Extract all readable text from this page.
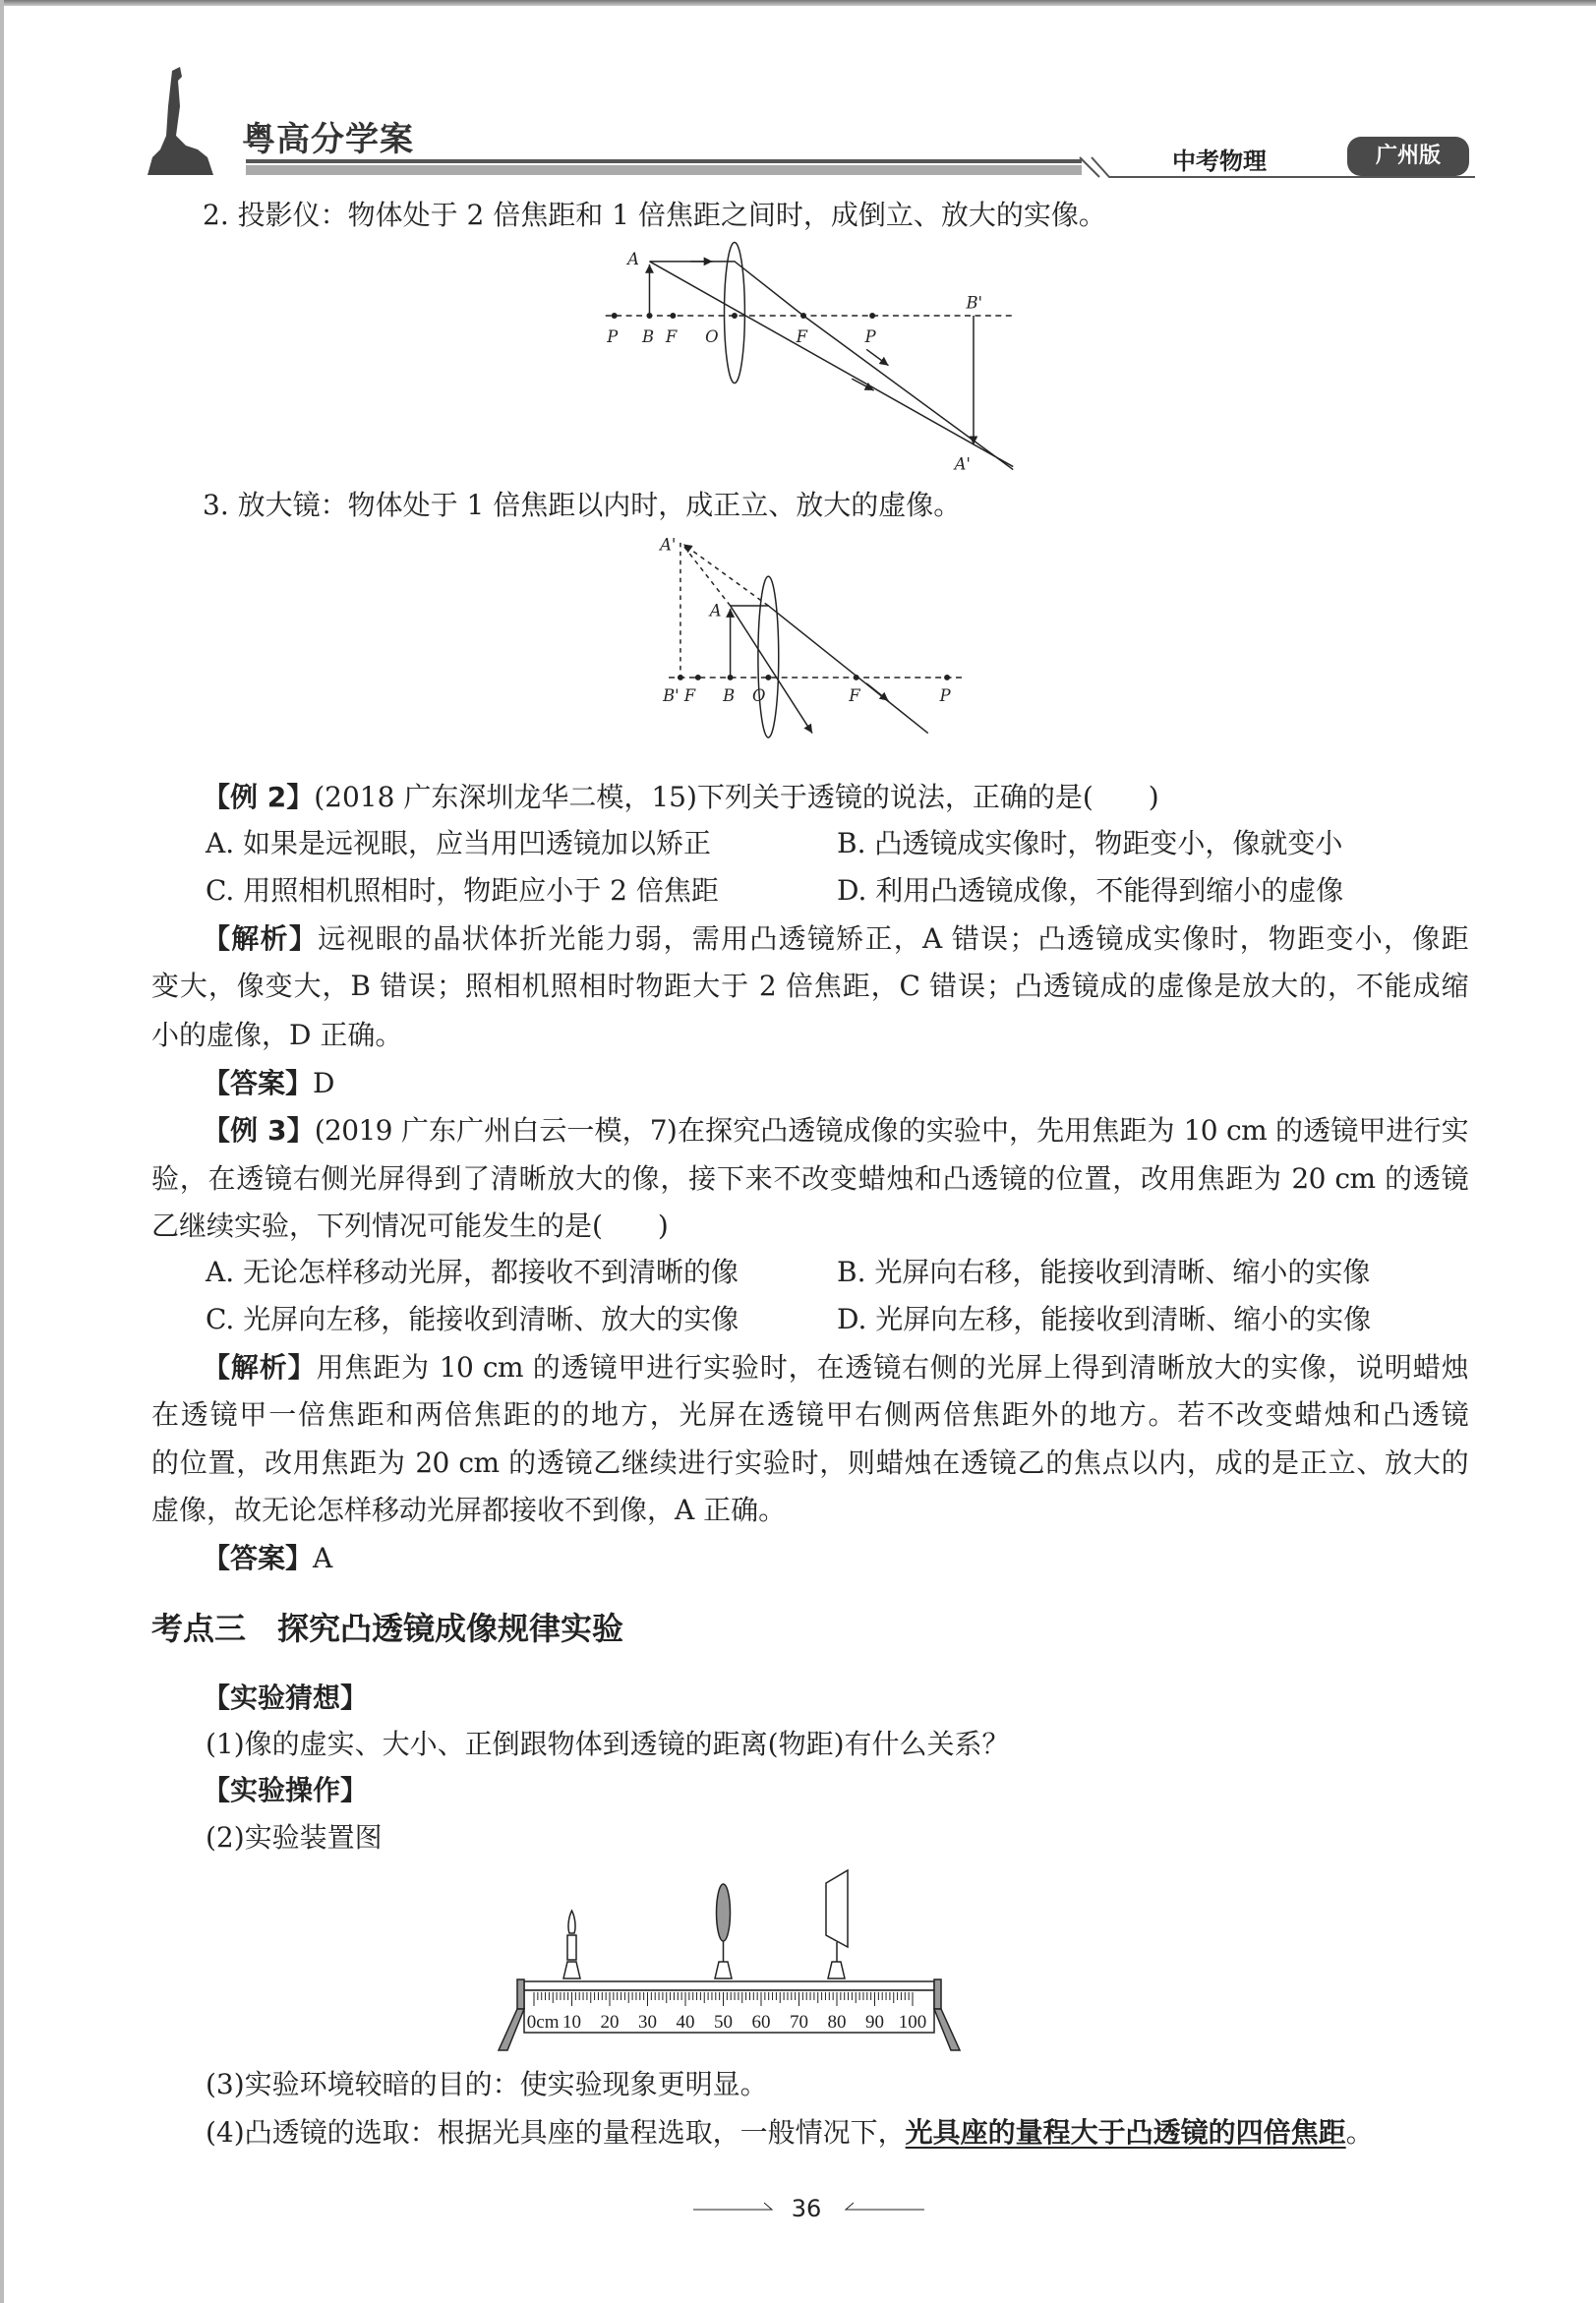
粤高分学案
中考物理	广州版
2. 投影仪：物体处于 2 倍焦距和 1 倍焦距之间时，成倒立、放大的实像。
A
P B F	O	F	P
B'
A'
3. 放大镜：物体处于 1 倍焦距以内时，成正立、放大的虚像。
A'
A
B' F	B O	F	P
【例 2】(2018 广东深圳龙华二模，15)下列关于透镜的说法，正确的是(　　)
A. 如果是远视眼，应当用凹透镜加以矫正	B. 凸透镜成实像时，物距变小，像就变小
C. 用照相机照相时，物距应小于 2 倍焦距	D. 利用凸透镜成像，不能得到缩小的虚像
【解析】远视眼的晶状体折光能力弱，需用凸透镜矫正，A 错误；凸透镜成实像时，物距变小，像距
变大，像变大，B 错误；照相机照相时物距大于 2 倍焦距，C 错误；凸透镜成的虚像是放大的，不能成缩
小的虚像，D 正确。
【答案】D
【例 3】(2019 广东广州白云一模，7)在探究凸透镜成像的实验中，先用焦距为 10 cm 的透镜甲进行实
验，在透镜右侧光屏得到了清晰放大的像，接下来不改变蜡烛和凸透镜的位置，改用焦距为 20 cm 的透镜
乙继续实验，下列情况可能发生的是(　　)
A. 无论怎样移动光屏，都接收不到清晰的像	B. 光屏向右移，能接收到清晰、缩小的实像
C. 光屏向左移，能接收到清晰、放大的实像	D. 光屏向左移，能接收到清晰、缩小的实像
【解析】用焦距为 10 cm 的透镜甲进行实验时，在透镜右侧的光屏上得到清晰放大的实像，说明蜡烛
在透镜甲一倍焦距和两倍焦距的的地方，光屏在透镜甲右侧两倍焦距外的地方。若不改变蜡烛和凸透镜
的位置，改用焦距为 20 cm 的透镜乙继续进行实验时，则蜡烛在透镜乙的焦点以内，成的是正立、放大的
虚像，故无论怎样移动光屏都接收不到像，A 正确。
【答案】A
考点三　探究凸透镜成像规律实验
【实验猜想】
(1)像的虚实、大小、正倒跟物体到透镜的距离(物距)有什么关系？
【实验操作】
(2)实验装置图
0cm 10 20 30 40 50 60 70 80 90 100
(3)实验环境较暗的目的：使实验现象更明显。
(4)凸透镜的选取：根据光具座的量程选取，一般情况下，光具座的量程大于凸透镜的四倍焦距。
36
